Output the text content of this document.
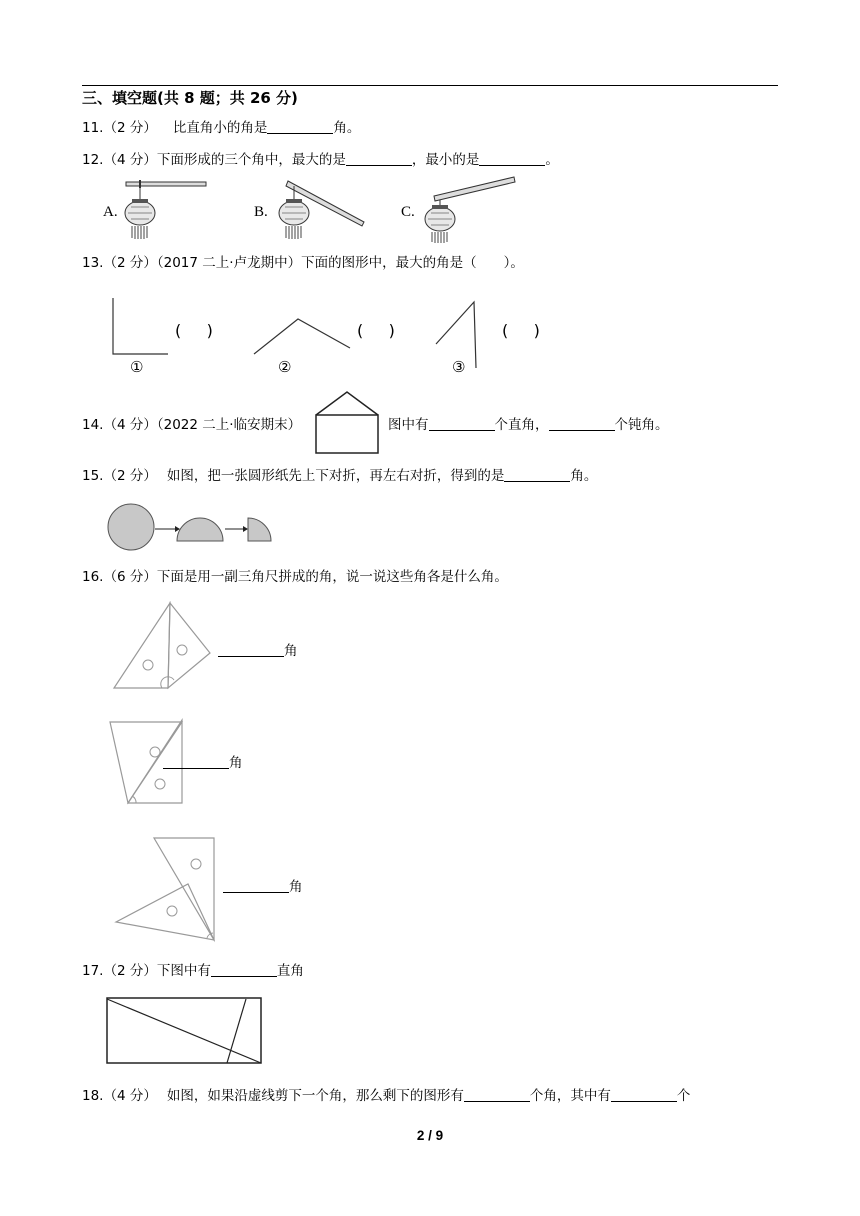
三、填空题(共 8 题；共 26 分)
11.（2 分） 比直角小的角是	角。
12.（4 分）下面形成的三个角中，最大的是	，最小的是	。
A.	B.	C.
13.（2 分）（2017 二上·卢龙期中）下面的图形中，最大的角是（　　）。
(     )	(     )	(     )
①	②	③
14.（4 分）（2022 二上·临安期末）	图中有	个直角，	个钝角。
15.（2 分） 如图，把一张圆形纸先上下对折，再左右对折，得到的是	角。
16.（6 分）下面是用一副三角尺拼成的角，说一说这些角各是什么角。
角
角
角
17.（2 分）下图中有	直角
18.（4 分） 如图，如果沿虚线剪下一个角，那么剩下的图形有	个角，其中有	个
2 / 9
